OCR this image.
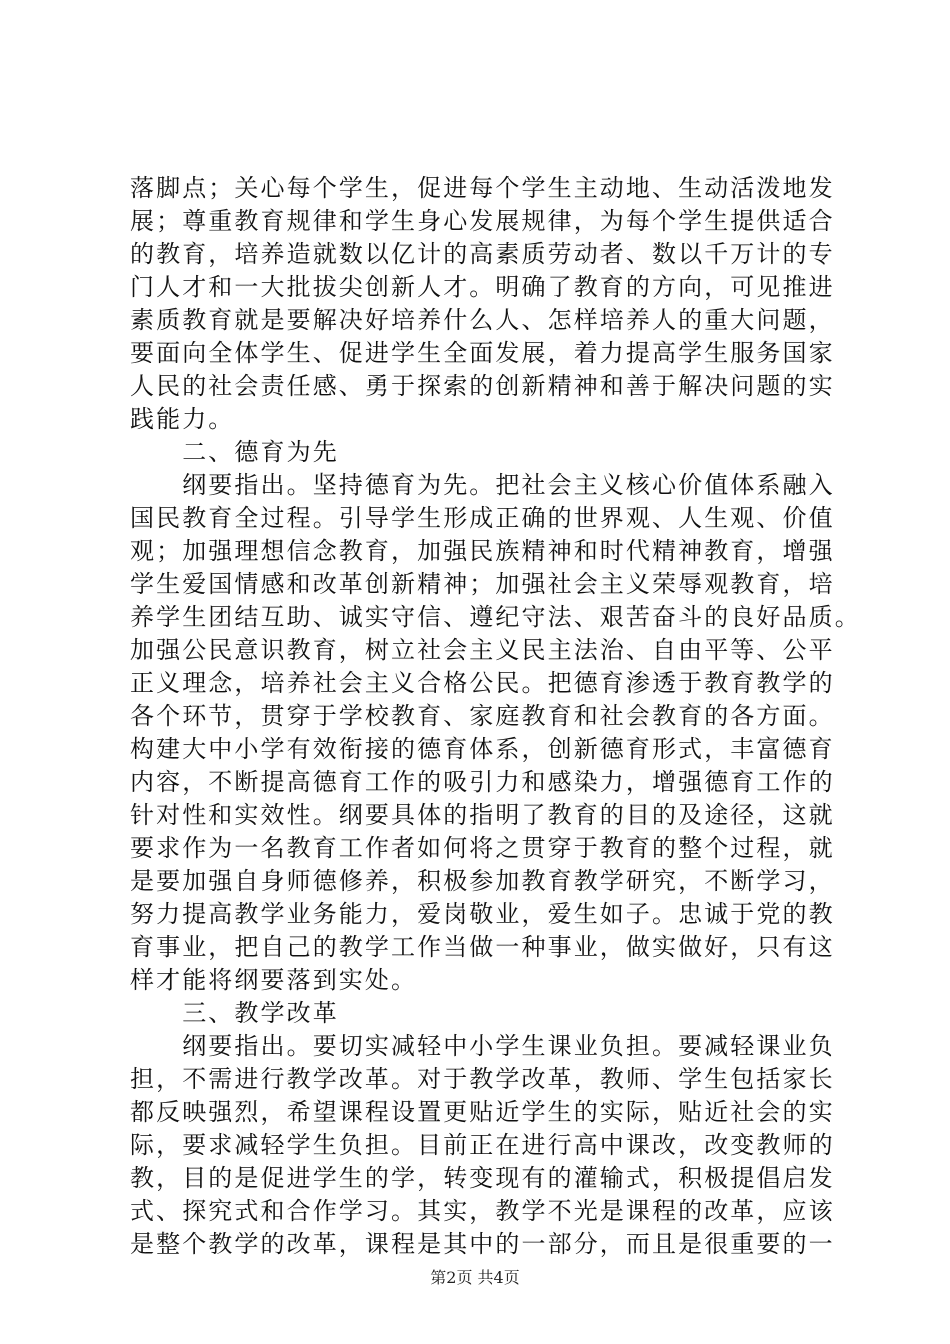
落脚点；关心每个学生，促进每个学生主动地、生动活泼地发
展；尊重教育规律和学生身心发展规律，为每个学生提供适合
的教育，培养造就数以亿计的高素质劳动者、数以千万计的专
门人才和一大批拔尖创新人才。明确了教育的方向，可见推进
素质教育就是要解决好培养什么人、怎样培养人的重大问题，
要面向全体学生、促进学生全面发展，着力提高学生服务国家
人民的社会责任感、勇于探索的创新精神和善于解决问题的实
践能力。
　　二、德育为先
　　纲要指出。坚持德育为先。把社会主义核心价值体系融入
国民教育全过程。引导学生形成正确的世界观、人生观、价值
观；加强理想信念教育，加强民族精神和时代精神教育，增强
学生爱国情感和改革创新精神；加强社会主义荣辱观教育，培
养学生团结互助、诚实守信、遵纪守法、艰苦奋斗的良好品质。
加强公民意识教育，树立社会主义民主法治、自由平等、公平
正义理念，培养社会主义合格公民。把德育渗透于教育教学的
各个环节，贯穿于学校教育、家庭教育和社会教育的各方面。
构建大中小学有效衔接的德育体系，创新德育形式，丰富德育
内容，不断提高德育工作的吸引力和感染力，增强德育工作的
针对性和实效性。纲要具体的指明了教育的目的及途径，这就
要求作为一名教育工作者如何将之贯穿于教育的整个过程，就
是要加强自身师德修养，积极参加教育教学研究，不断学习，
努力提高教学业务能力，爱岗敬业，爱生如子。忠诚于党的教
育事业，把自己的教学工作当做一种事业，做实做好，只有这
样才能将纲要落到实处。
　　三、教学改革
　　纲要指出。要切实减轻中小学生课业负担。要减轻课业负
担，不需进行教学改革。对于教学改革，教师、学生包括家长
都反映强烈，希望课程设置更贴近学生的实际，贴近社会的实
际，要求减轻学生负担。目前正在进行高中课改，改变教师的
教，目的是促进学生的学，转变现有的灌输式，积极提倡启发
式、探究式和合作学习。其实，教学不光是课程的改革，应该
是整个教学的改革，课程是其中的一部分，而且是很重要的一
第2页 共4页
